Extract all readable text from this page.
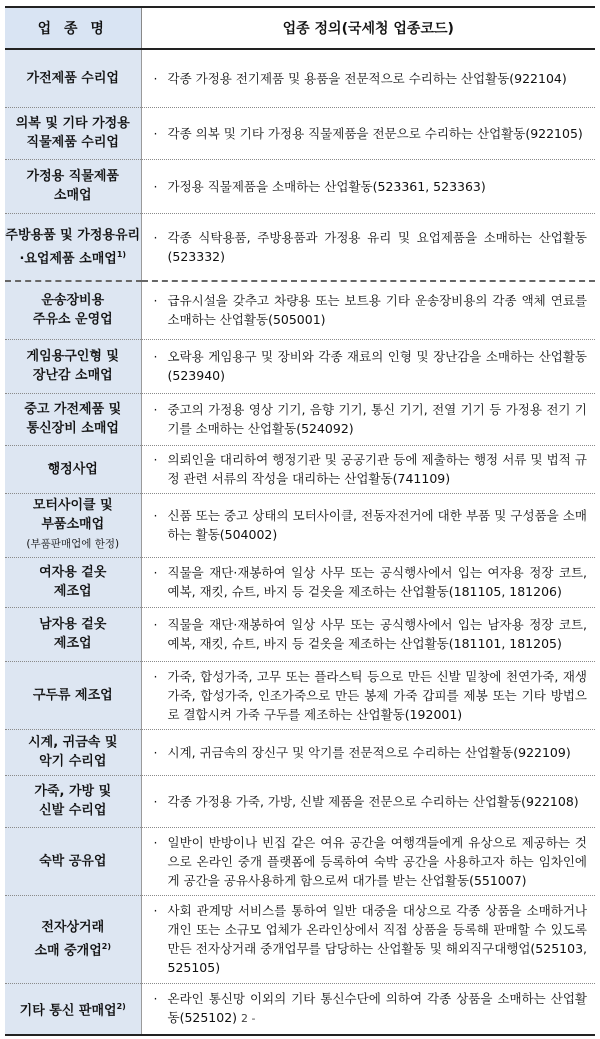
업 종 명	업종 정의(국세청 업종코드)
가전제품 수리업	· 각종 가정용 전기제품 및 용품을 전문적으로 수리하는 산업활동(922104)

의복 및 기타 가정용
직물제품 수리업	· 각종 의복 및 기타 가정용 직물제품을 전문으로 수리하는 산업활동(922105)

가정용 직물제품
소매업	· 가정용 직물제품을 소매하는 산업활동(523361, 523363)

주방용품 및 가정용유리
·요업제품 소매업$^{1)}$	· 각종 식탁용품, 주방용품과 가정용 유리 및 요업제품을 소매하는 산업활동(523332)

운송장비용
주유소 운영업	· 급유시설을 갖추고 차량용 또는 보트용 기타 운송장비용의 각종 액체 연료를 소매하는 산업활동(505001)

게임용구인형 및
장난감 소매업	· 오락용 게임용구 및 장비와 각종 재료의 인형 및 장난감을 소매하는 산업활동(523940)

중고 가전제품 및
통신장비 소매업	· 중고의 가정용 영상 기기, 음향 기기, 통신 기기, 전열 기기 등 가정용 전기 기기를 소매하는 산업활동(524092)

행정사업	· 의뢰인을 대리하여 행정기관 및 공공기관 등에 제출하는 행정 서류 및 법적 규정 관련 서류의 작성을 대리하는 산업활동(741109)

모터사이클 및
부품소매업
(부품판매업에 한정)	· 신품 또는 중고 상태의 모터사이클, 전동자전거에 대한 부품 및 구성품을 소매하는 활동(504002)

여자용 겉옷
제조업	· 직물을 재단·재봉하여 일상 사무 또는 공식행사에서 입는 여자용 정장 코트, 예복, 재킷, 슈트, 바지 등 겉옷을 제조하는 산업활동(181105, 181206)

남자용 겉옷
제조업	· 직물을 재단·재봉하여 일상 사무 또는 공식행사에서 입는 남자용 정장 코트, 예복, 재킷, 슈트, 바지 등 겉옷을 제조하는 산업활동(181101, 181205)

구두류 제조업	· 가죽, 합성가죽, 고무 또는 플라스틱 등으로 만든 신발 밑창에 천연가죽, 재생가죽, 합성가죽, 인조가죽으로 만든 봉제 가죽 갑피를 제봉 또는 기타 방법으로 결합시켜 가죽 구두를 제조하는 산업활동(192001)

시계, 귀금속 및
악기 수리업	· 시계, 귀금속의 장신구 및 악기를 전문적으로 수리하는 산업활동(922109)

가죽, 가방 및
신발 수리업	· 각종 가정용 가죽, 가방, 신발 제품을 전문으로 수리하는 산업활동(922108)

숙박 공유업	· 일반이 반방이나 빈집 같은 여유 공간을 여행객들에게 유상으로 제공하는 것으로 온라인 중개 플랫폼에 등록하여 숙박 공간을 사용하고자 하는 임차인에게 공간을 공유사용하게 함으로써 대가를 받는 산업활동(551007)

전자상거래
소매 중개업$^{2)}$	· 사회 관계망 서비스를 통하여 일반 대중을 대상으로 각종 상품을 소매하거나 개인 또는 소규모 업체가 온라인상에서 직접 상품을 등록해 판매할 수 있도록 만든 전자상거래 중개업무를 담당하는 산업활동 및 해외직구대행업(525103, 525105)

기타 통신 판매업$^{2)}$	· 온라인 통신망 이외의 기타 통신수단에 의하여 각종 상품을 소매하는 산업활동(525102) 2 -
